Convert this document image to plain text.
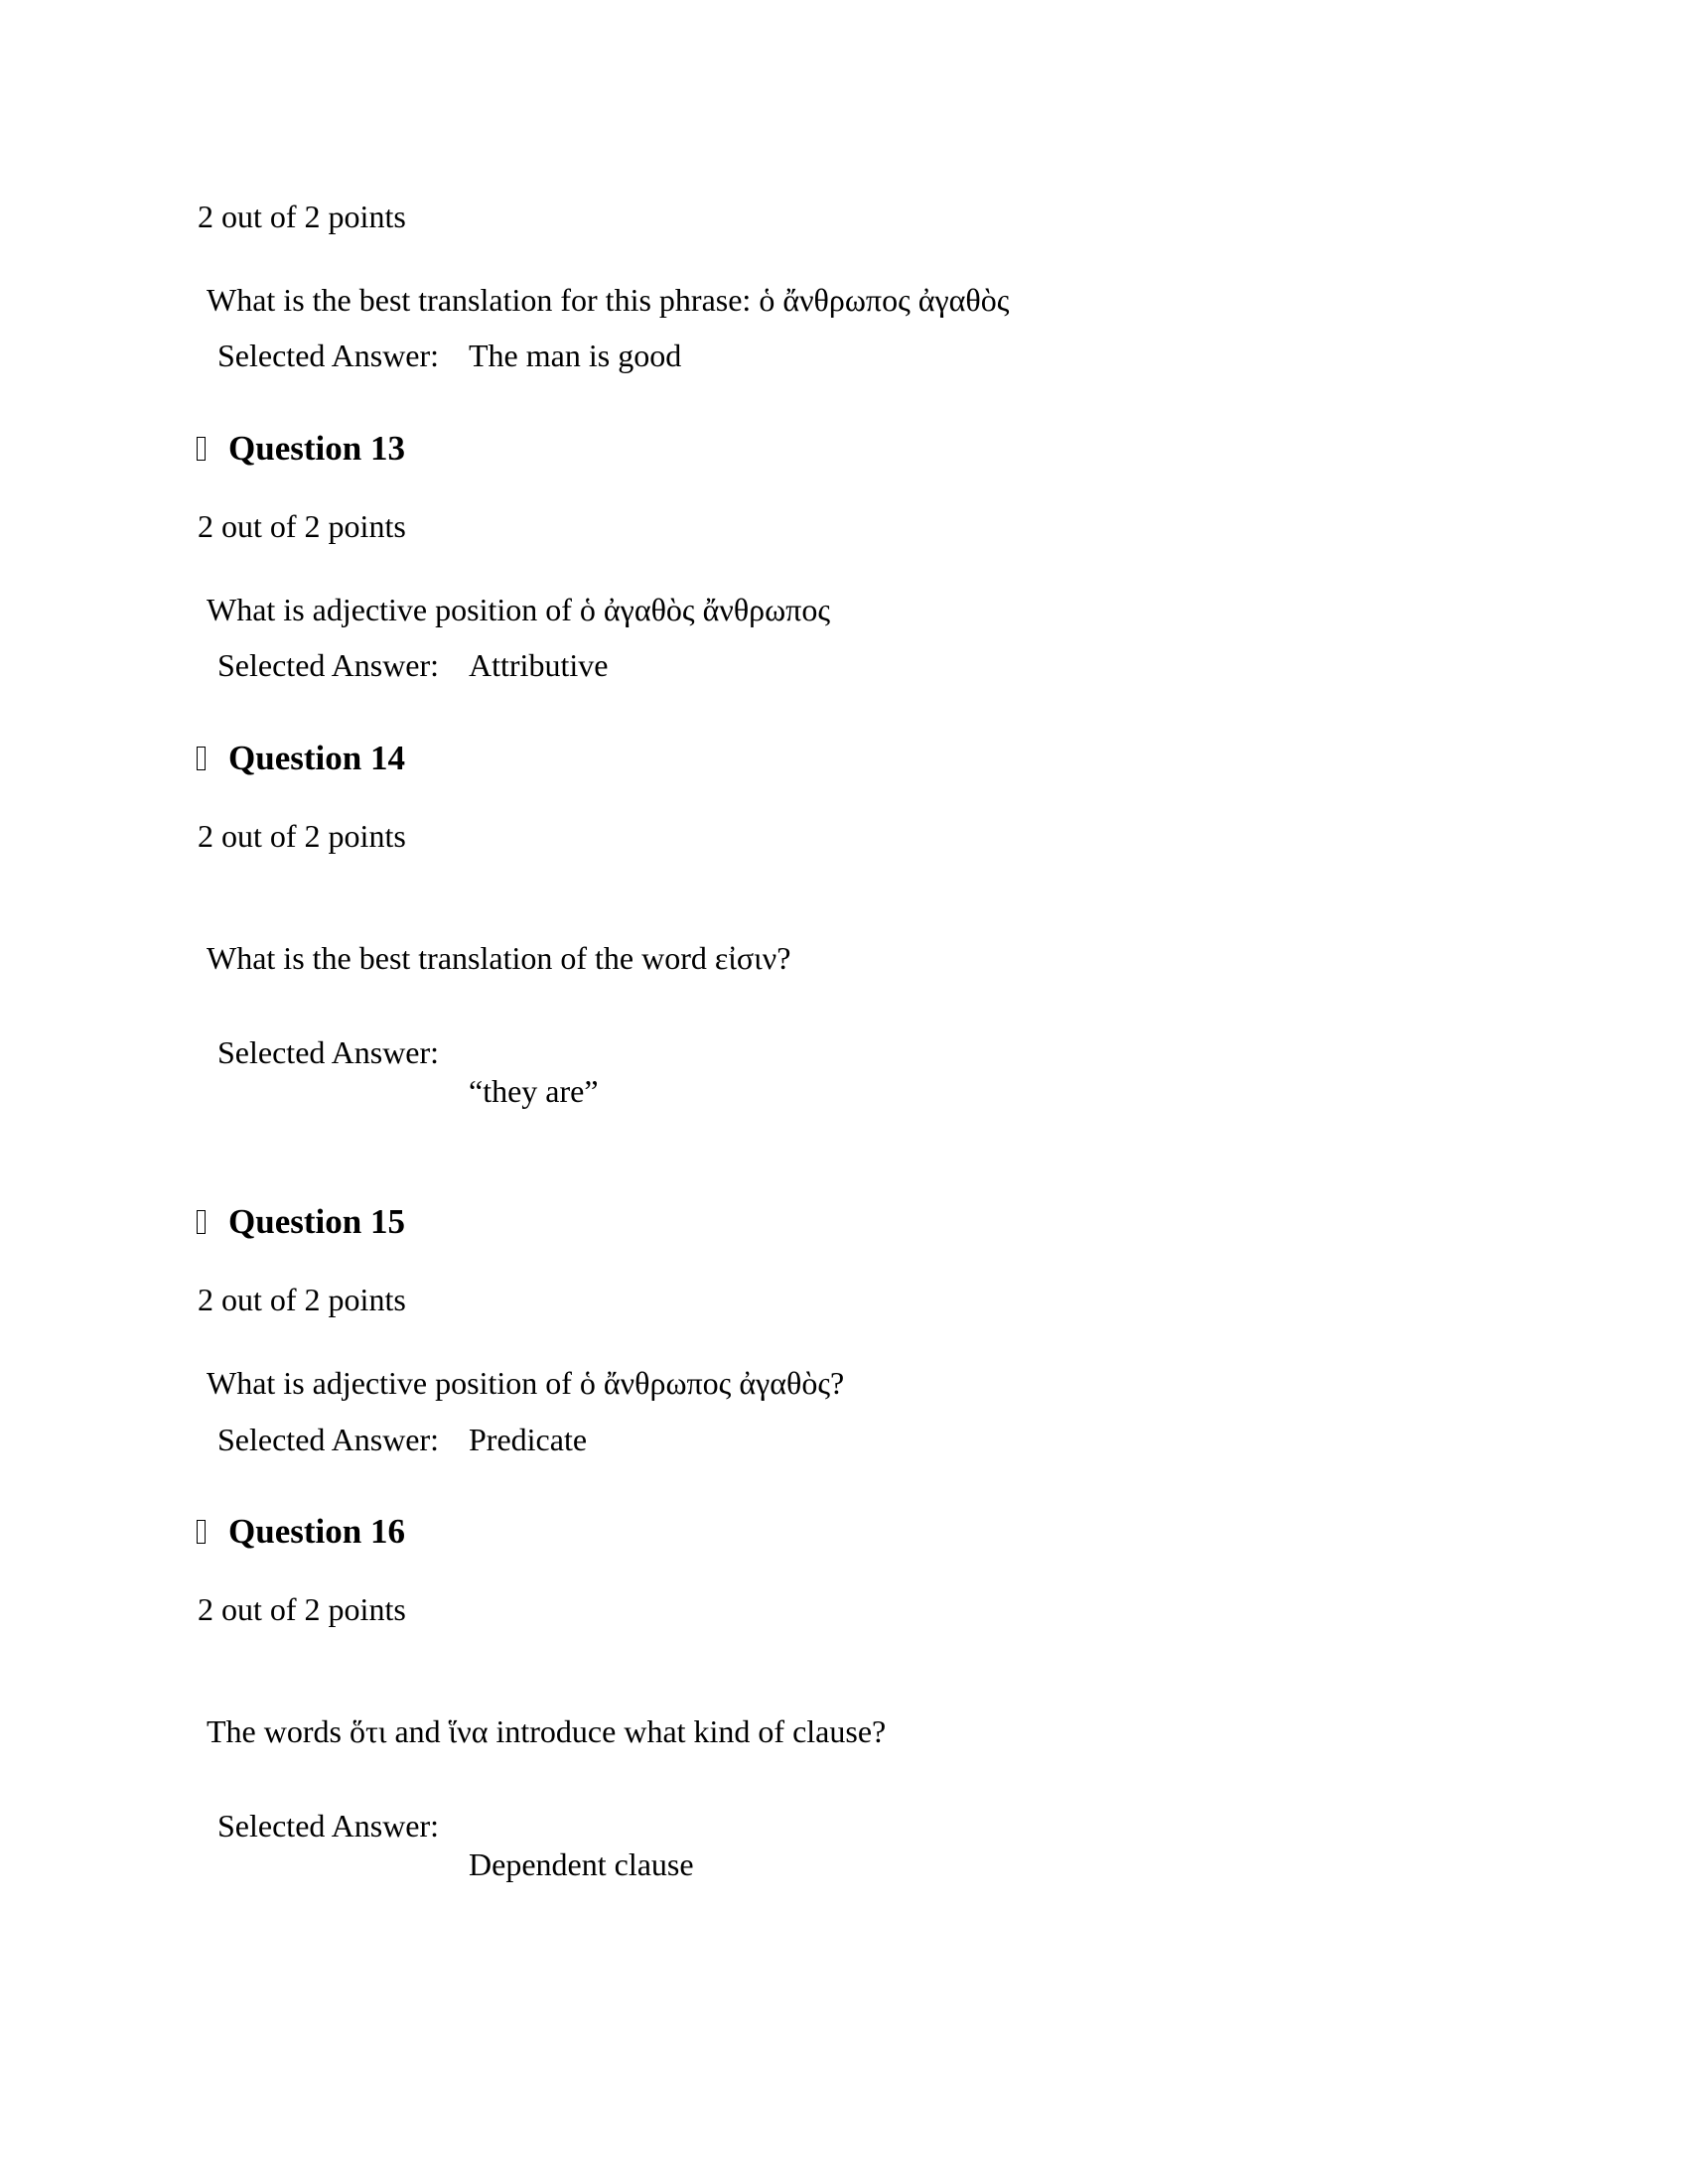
2 out of 2 points
What is the best translation for this phrase: ὁ ἄνθρωπος ἀγαθὸς
Selected Answer: The man is good
Question 13
2 out of 2 points
What is adjective position of ὁ ἀγαθὸς ἄνθρωπος
Selected Answer: Attributive
Question 14
2 out of 2 points
What is the best translation of the word εἰσιν?
Selected Answer:
“they are”
Question 15
2 out of 2 points
What is adjective position of ὁ ἄνθρωπος ἀγαθὸς?
Selected Answer: Predicate
Question 16
2 out of 2 points
The words ὅτι and ἵνα introduce what kind of clause?
Selected Answer:
Dependent clause
